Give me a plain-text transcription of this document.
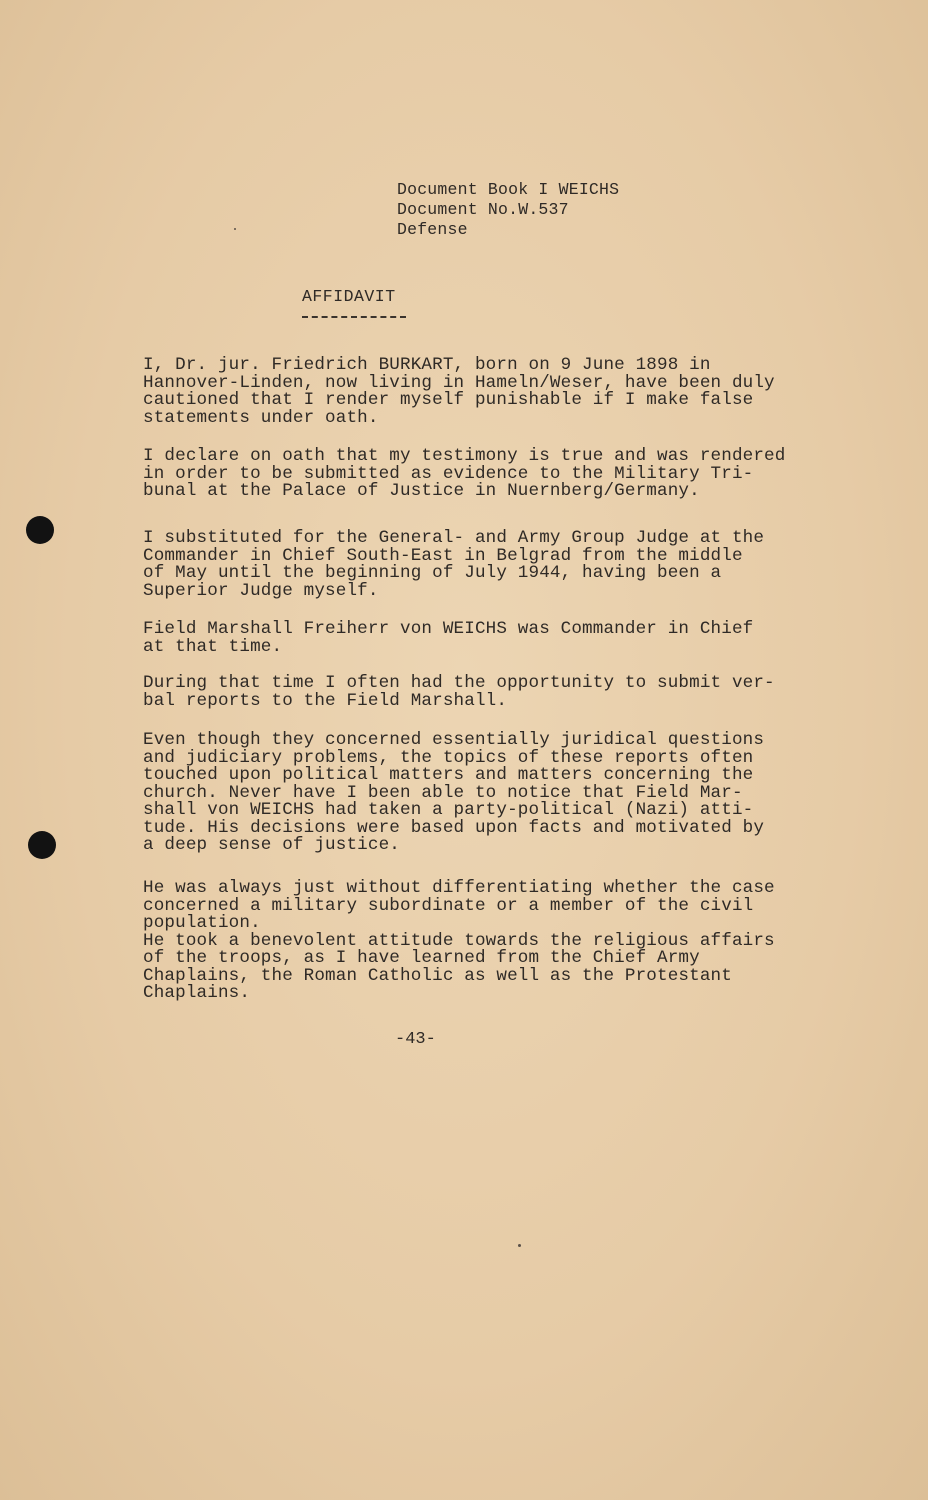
Document Book I WEICHS
Document No.W.537
Defense
AFFIDAVIT
I, Dr. jur. Friedrich BURKART, born on 9 June 1898 in
Hannover-Linden, now living in Hameln/Weser, have been duly
cautioned that I render myself punishable if I make false
statements under oath.
I declare on oath that my testimony is true and was rendered
in order to be submitted as evidence to the Military Tri-
bunal at the Palace of Justice in Nuernberg/Germany.
I substituted for the General- and Army Group Judge at the
Commander in Chief South-East in Belgrad from the middle
of May until the beginning of July 1944, having been a
Superior Judge myself.
Field Marshall Freiherr von WEICHS was Commander in Chief
at that time.
During that time I often had the opportunity to submit ver-
bal reports to the Field Marshall.
Even though they concerned essentially juridical questions
and judiciary problems, the topics of these reports often
touched upon political matters and matters concerning the
church. Never have I been able to notice that Field Mar-
shall von WEICHS had taken a party-political (Nazi) atti-
tude. His decisions were based upon facts and motivated by
a deep sense of justice.
He was always just without differentiating whether the case
concerned a military subordinate or a member of the civil
population.
He took a benevolent attitude towards the religious affairs
of the troops, as I have learned from the Chief Army
Chaplains, the Roman Catholic as well as the Protestant
Chaplains.
-43-
